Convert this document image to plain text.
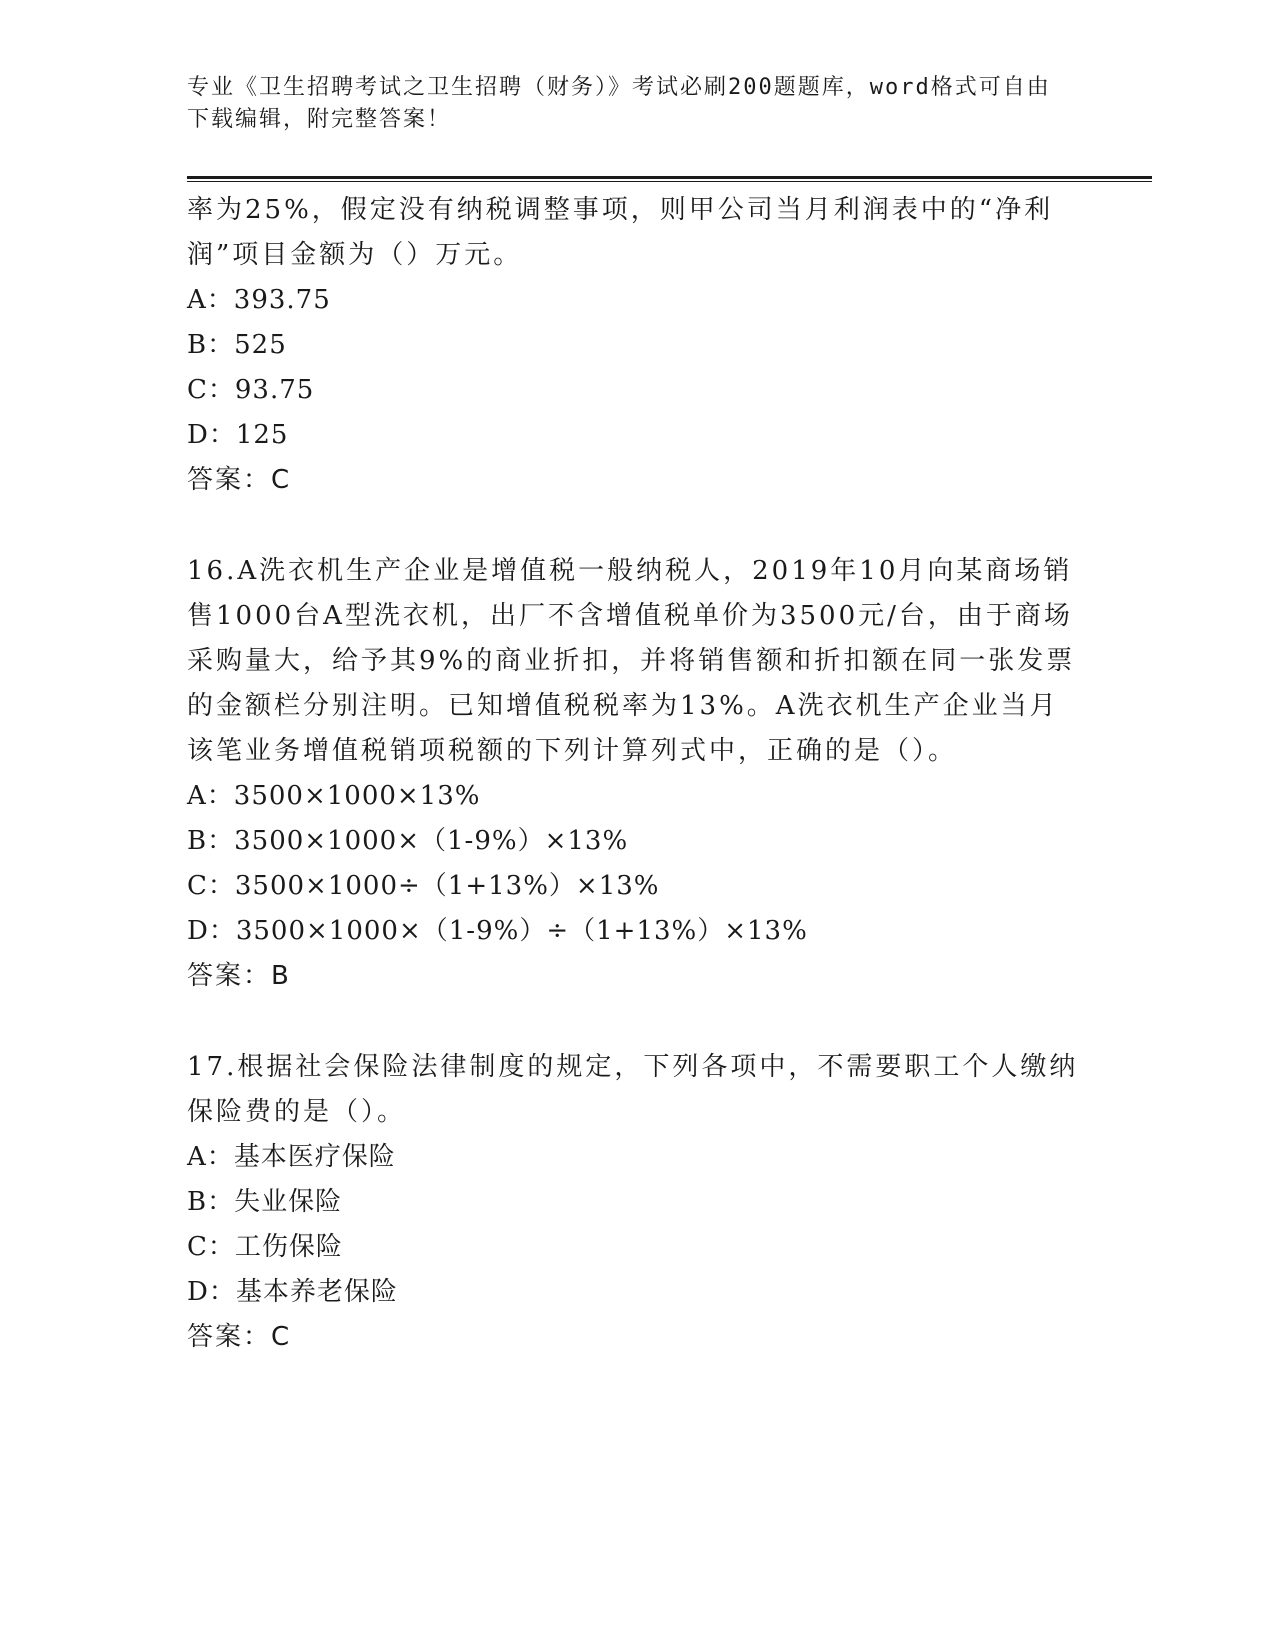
专业《卫生招聘考试之卫生招聘（财务）》考试必刷200题题库，word格式可自由下载编辑，附完整答案！

率为25%，假定没有纳税调整事项，则甲公司当月利润表中的“净利润”项目金额为（）万元。

A：393.75

B：525

C：93.75

D：125

答案：C

16.A洗衣机生产企业是增值税一般纳税人，2019年10月向某商场销售1000台A型洗衣机，出厂不含增值税单价为3500元/台，由于商场采购量大，给予其9%的商业折扣，并将销售额和折扣额在同一张发票的金额栏分别注明。已知增值税税率为13%。A洗衣机生产企业当月该笔业务增值税销项税额的下列计算列式中，正确的是（）。

A：3500×1000×13%

B：3500×1000×（1-9%）×13%

C：3500×1000÷（1+13%）×13%

D：3500×1000×（1-9%）÷（1+13%）×13%

答案：B

17.根据社会保险法律制度的规定，下列各项中，不需要职工个人缴纳保险费的是（）。

A：基本医疗保险

B：失业保险

C：工伤保险

D：基本养老保险

答案：C
